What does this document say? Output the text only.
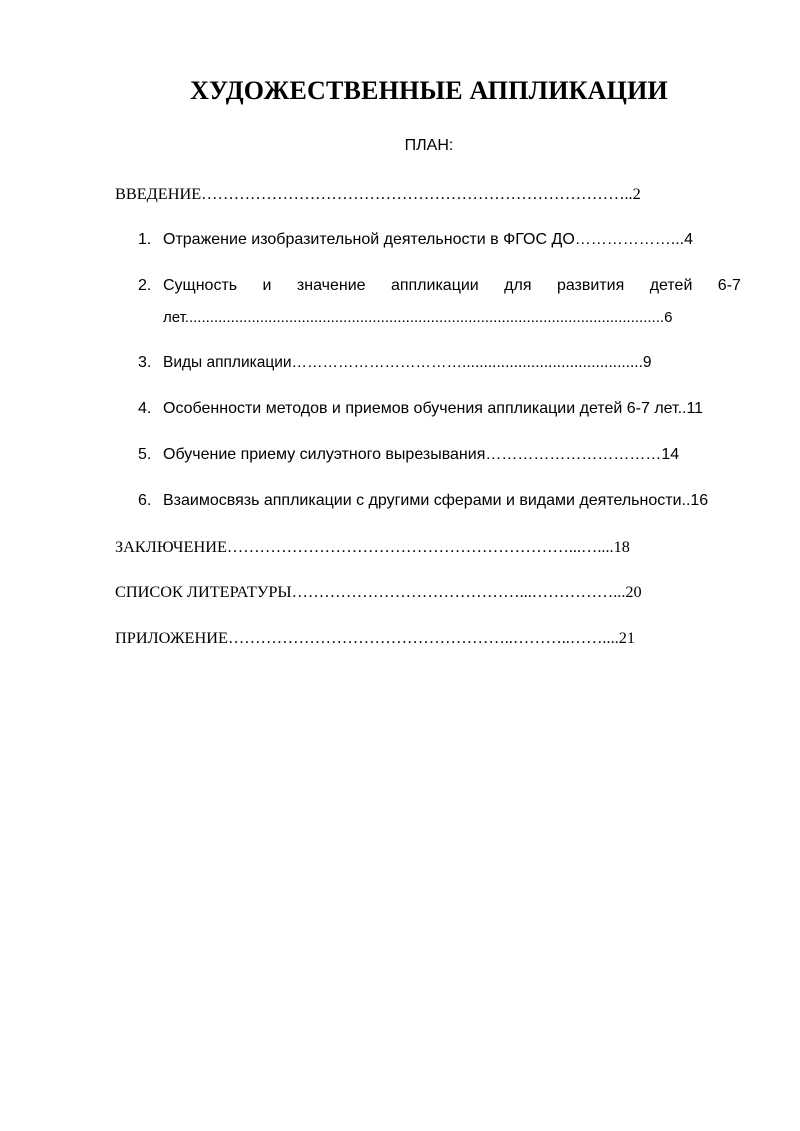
ХУДОЖЕСТВЕННЫЕ АППЛИКАЦИИ
ПЛАН:
ВВЕДЕНИЕ……………………………………………………………………..2
1. Отражение изобразительной деятельности в ФГОС ДО………………...4
2. Сущность и значение аппликации для развития детей 6-7
лет...................................................................................................................6
3. Виды аппликации……………………………..........................................9
4. Особенности методов и приемов обучения аппликации детей 6-7 лет..11
5. Обучение приему силуэтного вырезывания……………………………14
6. Взаимосвязь аппликации с другими сферами и видами деятельности..16
ЗАКЛЮЧЕНИЕ………………………………………………………...…....18
СПИСОК ЛИТЕРАТУРЫ……………………………………...……………...20
ПРИЛОЖЕНИЕ……………………………………………..………..……....21
